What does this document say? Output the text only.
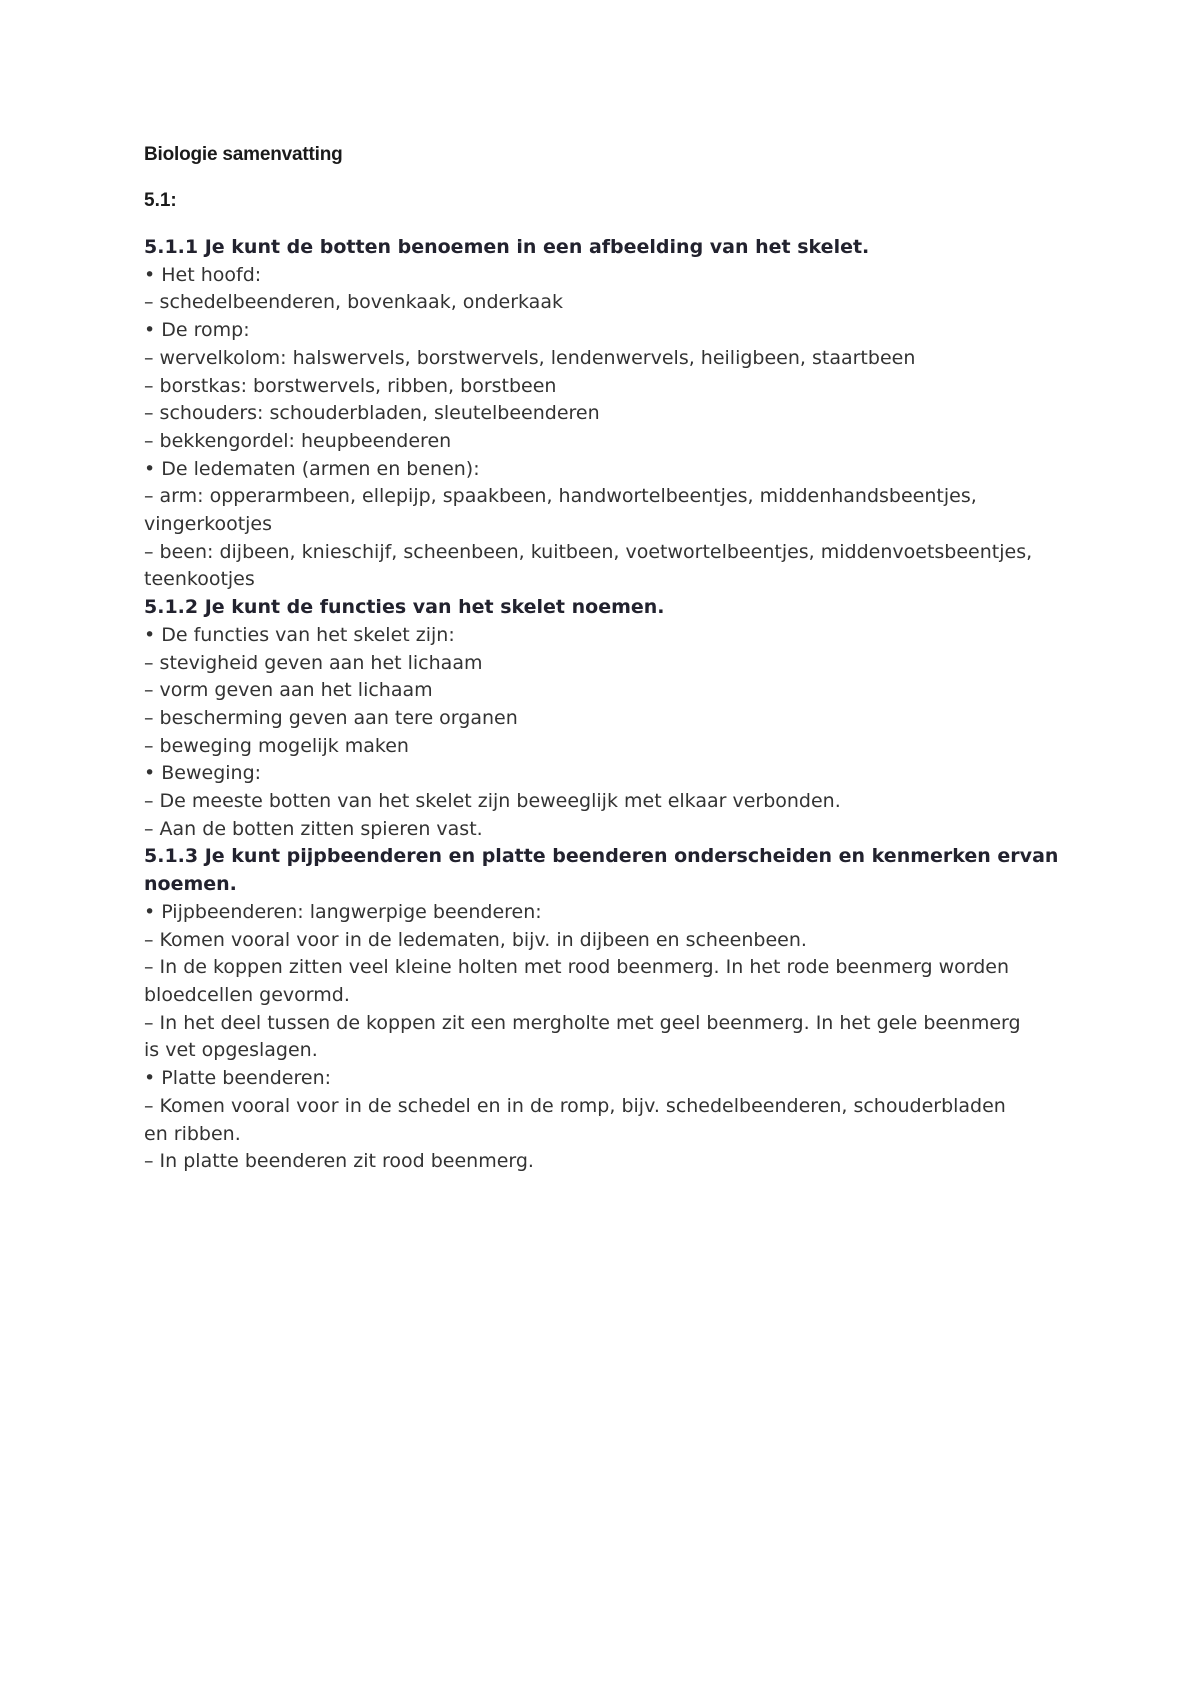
Biologie samenvatting

5.1:

5.1.1 Je kunt de botten benoemen in een afbeelding van het skelet.

• Het hoofd:

– schedelbeenderen, bovenkaak, onderkaak

• De romp:

– wervelkolom: halswervels, borstwervels, lendenwervels, heiligbeen, staartbeen

– borstkas: borstwervels, ribben, borstbeen

– schouders: schouderbladen, sleutelbeenderen

– bekkengordel: heupbeenderen

• De ledematen (armen en benen):

– arm: opperarmbeen, ellepijp, spaakbeen, handwortelbeentjes, middenhandsbeentjes,

vingerkootjes

– been: dijbeen, knieschijf, scheenbeen, kuitbeen, voetwortelbeentjes, middenvoetsbeentjes,

teenkootjes

5.1.2 Je kunt de functies van het skelet noemen.

• De functies van het skelet zijn:

– stevigheid geven aan het lichaam

– vorm geven aan het lichaam

– bescherming geven aan tere organen

– beweging mogelijk maken

• Beweging:

– De meeste botten van het skelet zijn beweeglijk met elkaar verbonden.

– Aan de botten zitten spieren vast.

5.1.3 Je kunt pijpbeenderen en platte beenderen onderscheiden en kenmerken ervan

noemen.

• Pijpbeenderen: langwerpige beenderen:

– Komen vooral voor in de ledematen, bijv. in dijbeen en scheenbeen.

– In de koppen zitten veel kleine holten met rood beenmerg. In het rode beenmerg worden

bloedcellen gevormd.

– In het deel tussen de koppen zit een mergholte met geel beenmerg. In het gele beenmerg

is vet opgeslagen.

• Platte beenderen:

– Komen vooral voor in de schedel en in de romp, bijv. schedelbeenderen, schouderbladen

en ribben.

– In platte beenderen zit rood beenmerg.
